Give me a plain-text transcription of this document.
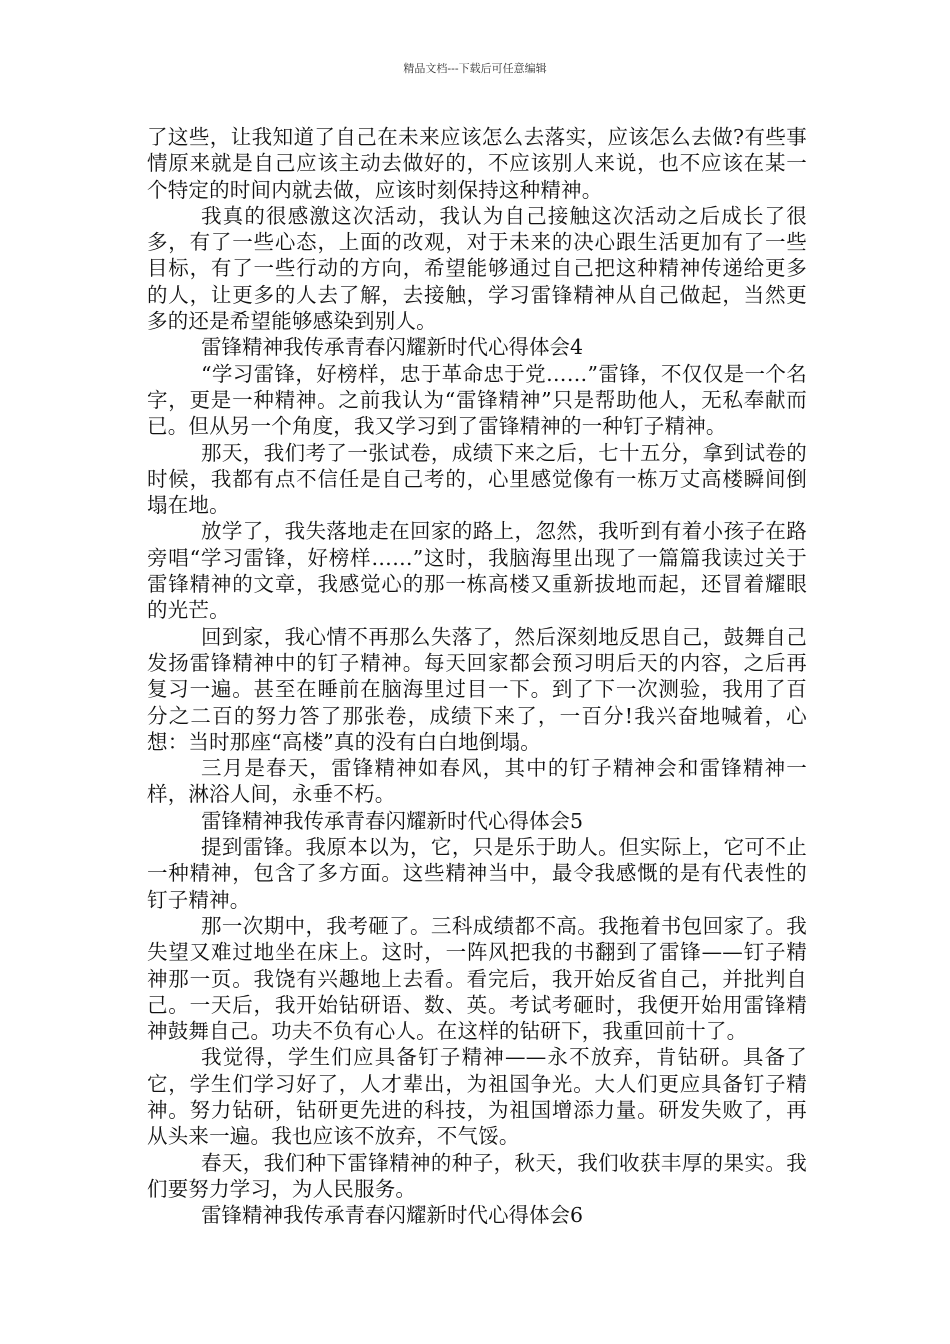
精品文档---下载后可任意编辑

了这些，让我知道了自己在未来应该怎么去落实，应该怎么去做?有些事情原来就是自己应该主动去做好的，不应该别人来说，也不应该在某一个特定的时间内就去做，应该时刻保持这种精神。

我真的很感激这次活动，我认为自己接触这次活动之后成长了很多，有了一些心态，上面的改观，对于未来的决心跟生活更加有了一些目标，有了一些行动的方向，希望能够通过自己把这种精神传递给更多的人，让更多的人去了解，去接触，学习雷锋精神从自己做起，当然更多的还是希望能够感染到别人。

雷锋精神我传承青春闪耀新时代心得体会4

“学习雷锋，好榜样，忠于革命忠于党……”雷锋，不仅仅是一个名字，更是一种精神。之前我认为“雷锋精神”只是帮助他人，无私奉献而已。但从另一个角度，我又学习到了雷锋精神的一种钉子精神。

那天，我们考了一张试卷，成绩下来之后，七十五分，拿到试卷的时候，我都有点不信任是自己考的，心里感觉像有一栋万丈高楼瞬间倒塌在地。

放学了，我失落地走在回家的路上，忽然，我听到有着小孩子在路旁唱“学习雷锋，好榜样……”这时，我脑海里出现了一篇篇我读过关于雷锋精神的文章，我感觉心的那一栋高楼又重新拔地而起，还冒着耀眼的光芒。

回到家，我心情不再那么失落了，然后深刻地反思自己，鼓舞自己发扬雷锋精神中的钉子精神。每天回家都会预习明后天的内容，之后再复习一遍。甚至在睡前在脑海里过目一下。到了下一次测验，我用了百分之二百的努力答了那张卷，成绩下来了，一百分!我兴奋地喊着，心想：当时那座“高楼”真的没有白白地倒塌。

三月是春天，雷锋精神如春风，其中的钉子精神会和雷锋精神一样，淋浴人间，永垂不朽。

雷锋精神我传承青春闪耀新时代心得体会5

提到雷锋。我原本以为，它，只是乐于助人。但实际上，它可不止一种精神，包含了多方面。这些精神当中，最令我感慨的是有代表性的钉子精神。

那一次期中，我考砸了。三科成绩都不高。我拖着书包回家了。我失望又难过地坐在床上。这时，一阵风把我的书翻到了雷锋——钉子精神那一页。我饶有兴趣地上去看。看完后，我开始反省自己，并批判自己。一天后，我开始钻研语、数、英。考试考砸时，我便开始用雷锋精神鼓舞自己。功夫不负有心人。在这样的钻研下，我重回前十了。

我觉得，学生们应具备钉子精神——永不放弃，肯钻研。具备了它，学生们学习好了，人才辈出，为祖国争光。大人们更应具备钉子精神。努力钻研，钻研更先进的科技，为祖国增添力量。研发失败了，再从头来一遍。我也应该不放弃，不气馁。

春天，我们种下雷锋精神的种子，秋天，我们收获丰厚的果实。我们要努力学习，为人民服务。

雷锋精神我传承青春闪耀新时代心得体会6
